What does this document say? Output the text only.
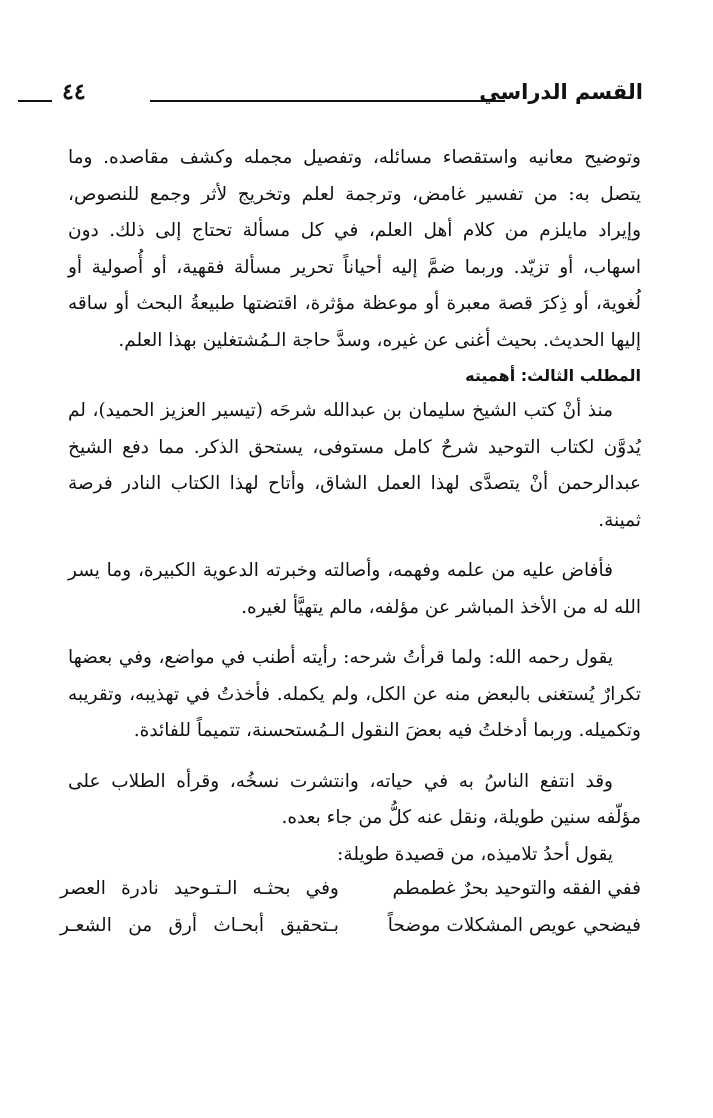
القسم الدراسي
٤٤

وتوضيح معانيه واستقصاء مسائله، وتفصيل مجمله وكشف مقاصده. وما يتصل به: من تفسير غامض، وترجمة لعلم وتخريج لأثر وجمع للنصوص، وإيراد مايلزم من كلام أهل العلم، في كل مسألة تحتاج إلى ذلك. دون اسهاب، أو تزيّد. وربما ضمَّ إليه أحياناً تحرير مسألة فقهية، أو أُصولية أو لُغوية، أو ذِكرَ قصة معبرة أو موعظة مؤثرة، اقتضتها طبيعةُ البحث أو ساقه إليها الحديث. بحيث أغنى عن غيره، وسدَّ حاجة الـمُشتغلين بهذا العلم.

المطلب الثالث: أهميته

منذ أنْ كتب الشيخ سليمان بن عبدالله شرحَه (تيسير العزيز الحميد)، لم يُدوَّن لكتاب التوحيد شرحٌ كامل مستوفى، يستحق الذكر. مما دفع الشيخ عبدالرحمن أنْ يتصدَّى لهذا العمل الشاق، وأتاح لهذا الكتاب النادر فرصة ثمينة.

فأفاض عليه من علمه وفهمه، وأصالته وخبرته الدعوية الكبيرة، وما يسر الله له من الأخذ المباشر عن مؤلفه، مالم يتهيَّأ لغيره.

يقول رحمه الله: ولما قرأتُ شرحه: رأيته أطنب في مواضع، وفي بعضها تكرارٌ يُستغنى بالبعض منه عن الكل، ولم يكمله. فأخذتُ في تهذيبه، وتقريبه وتكميله. وربما أدخلتُ فيه بعضَ النقول الـمُستحسنة، تتميماً للفائدة.

وقد انتفع الناسُ به في حياته، وانتشرت نسخُه، وقرأه الطلاب على مؤلّفه سنين طويلة، ونقل عنه كلُّ من جاء بعده.

يقول أحدُ تلاميذه، من قصيدة طويلة:

ففي الفقه والتوحيد بحرٌ غطمطم
وفي بحثـه الـتـوحيد نادرة العصر
فيضحي عويص المشكلات موضحاً
بـتحقيق أبحـاث أرق من الشعـر
